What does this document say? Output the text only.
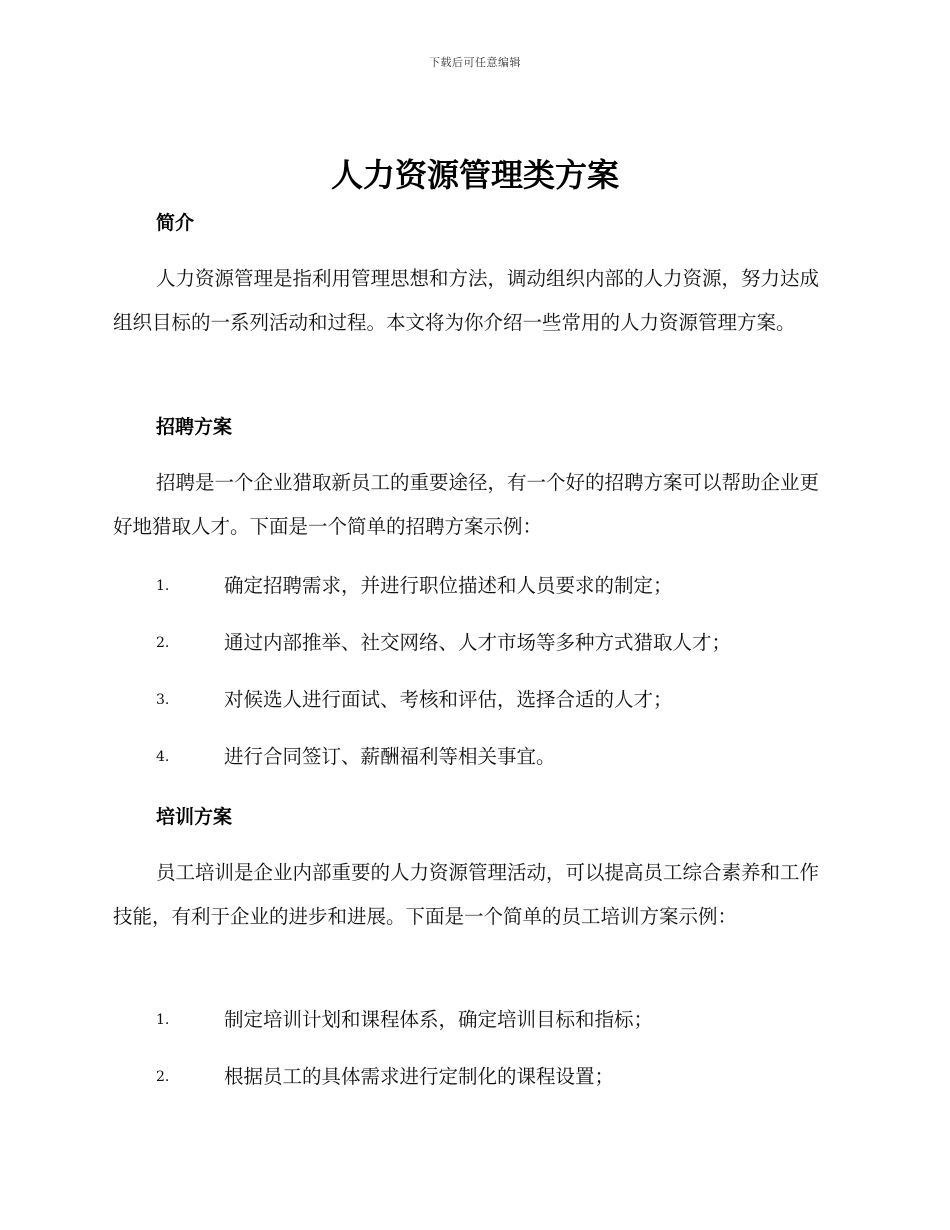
下载后可任意编辑
人力资源管理类方案
简介

人力资源管理是指利用管理思想和方法，调动组织内部的人力资源，努力达成组织目标的一系列活动和过程。本文将为你介绍一些常用的人力资源管理方案。

招聘方案

招聘是一个企业猎取新员工的重要途径，有一个好的招聘方案可以帮助企业更好地猎取人才。下面是一个简单的招聘方案示例：

1.	确定招聘需求，并进行职位描述和人员要求的制定；
2.	通过内部推举、社交网络、人才市场等多种方式猎取人才；
3.	对候选人进行面试、考核和评估，选择合适的人才；
4.	进行合同签订、薪酬福利等相关事宜。
培训方案

员工培训是企业内部重要的人力资源管理活动，可以提高员工综合素养和工作技能，有利于企业的进步和进展。下面是一个简单的员工培训方案示例：

1.	制定培训计划和课程体系，确定培训目标和指标；
2.	根据员工的具体需求进行定制化的课程设置；
